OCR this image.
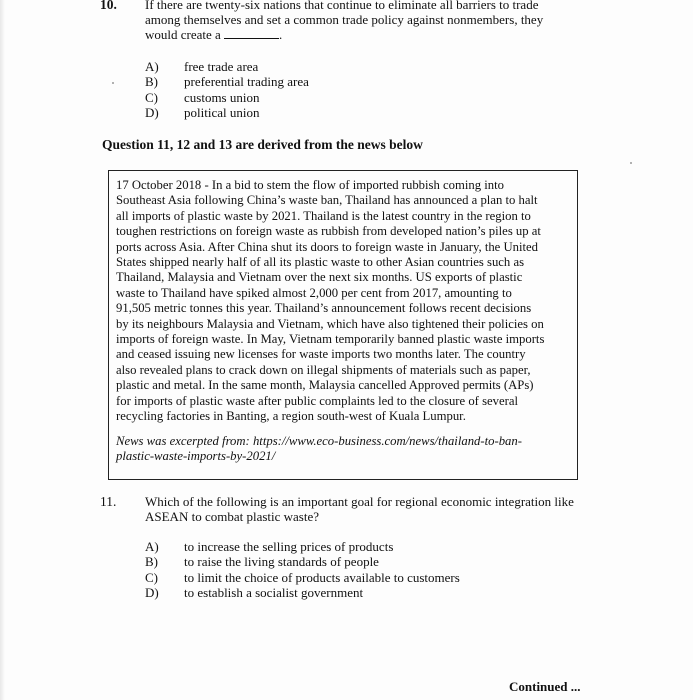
10. If there are twenty-six nations that continue to eliminate all barriers to trade
among themselves and set a common trade policy against nonmembers, they
would create a	.
A)	free trade area
B)	preferential trading area
C)	customs union
D)	political union
Question 11, 12 and 13 are derived from the news below
17 October 2018 - In a bid to stem the flow of imported rubbish coming into
Southeast Asia following China’s waste ban, Thailand has announced a plan to halt
all imports of plastic waste by 2021. Thailand is the latest country in the region to
toughen restrictions on foreign waste as rubbish from developed nation’s piles up at
ports across Asia. After China shut its doors to foreign waste in January, the United
States shipped nearly half of all its plastic waste to other Asian countries such as
Thailand, Malaysia and Vietnam over the next six months. US exports of plastic
waste to Thailand have spiked almost 2,000 per cent from 2017, amounting to
91,505 metric tonnes this year. Thailand’s announcement follows recent decisions
by its neighbours Malaysia and Vietnam, which have also tightened their policies on
imports of foreign waste. In May, Vietnam temporarily banned plastic waste imports
and ceased issuing new licenses for waste imports two months later. The country
also revealed plans to crack down on illegal shipments of materials such as paper,
plastic and metal. In the same month, Malaysia cancelled Approved permits (APs)
for imports of plastic waste after public complaints led to the closure of several
recycling factories in Banting, a region south-west of Kuala Lumpur.
News was excerpted from: https://www.eco-business.com/news/thailand-to-ban-
plastic-waste-imports-by-2021/
11. Which of the following is an important goal for regional economic integration like
ASEAN to combat plastic waste?
A)	to increase the selling prices of products
B)	to raise the living standards of people
C)	to limit the choice of products available to customers
D)	to establish a socialist government
Continued ...
